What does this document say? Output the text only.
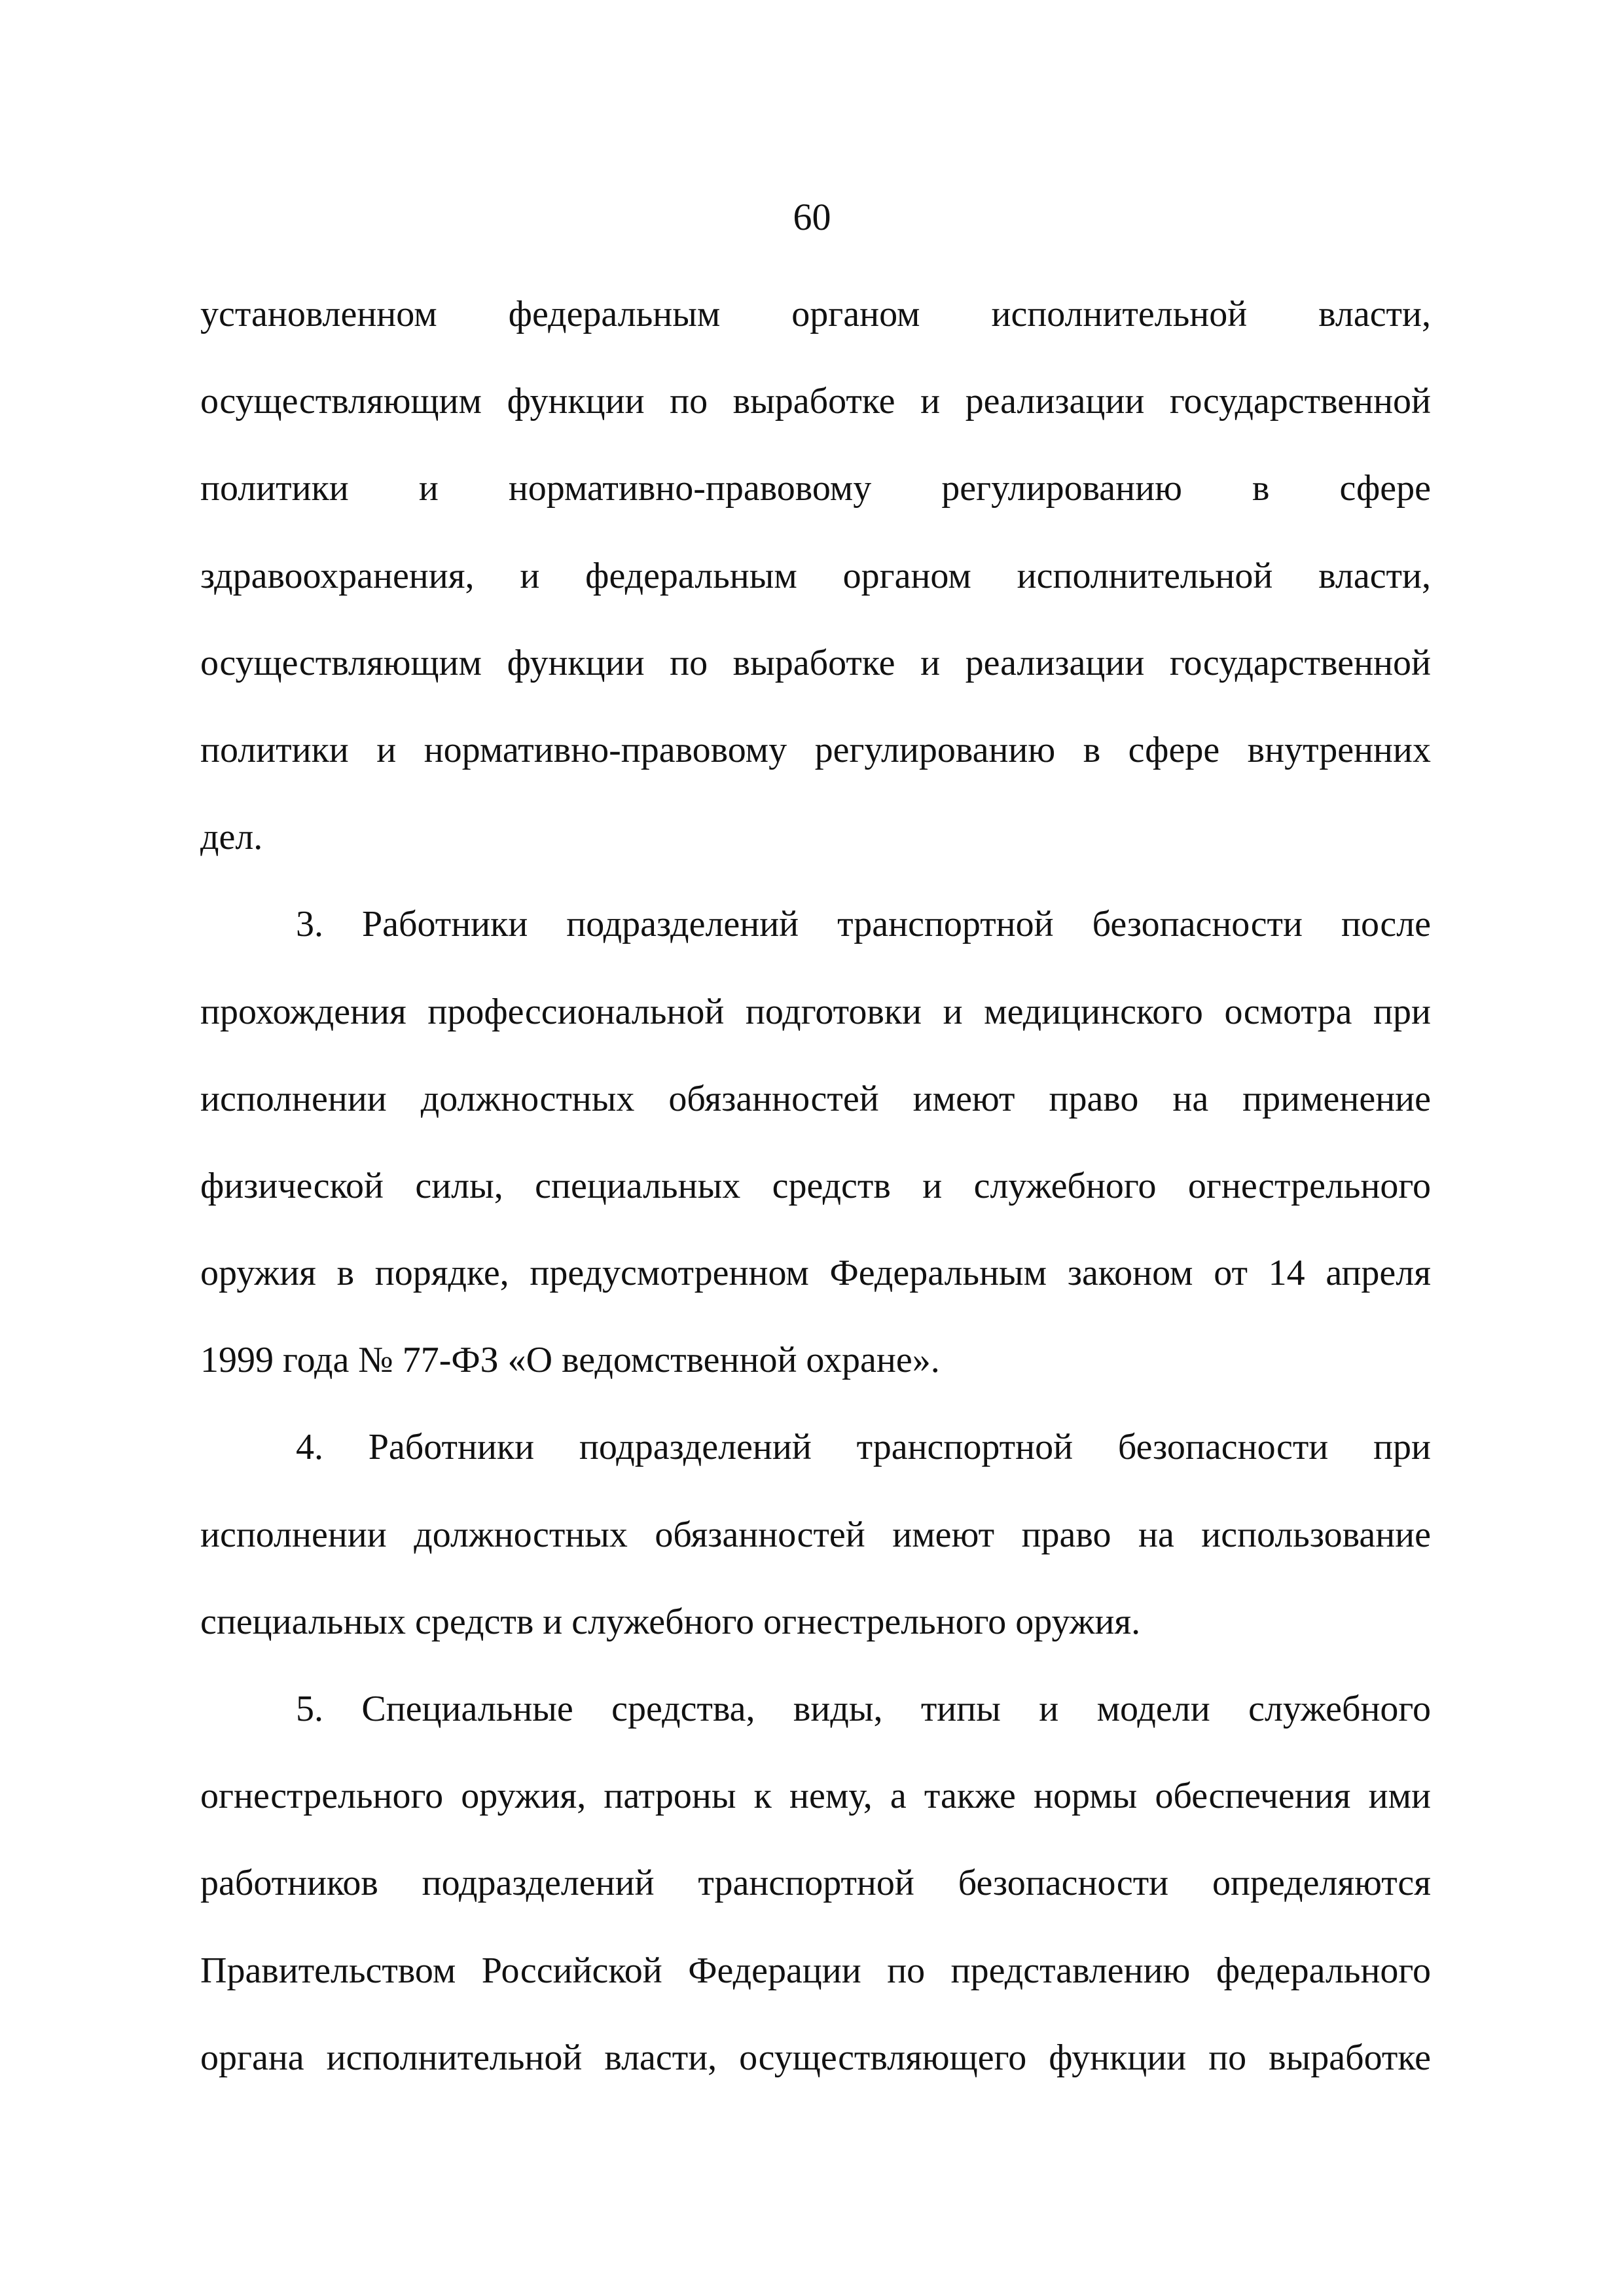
60
установленном федеральным органом исполнительной власти,
осуществляющим функции по выработке и реализации государственной
политики и нормативно-правовому регулированию в сфере
здравоохранения, и федеральным органом исполнительной власти,
осуществляющим функции по выработке и реализации государственной
политики и нормативно-правовому регулированию в сфере внутренних
дел.
3. Работники подразделений транспортной безопасности после
прохождения профессиональной подготовки и медицинского осмотра при
исполнении должностных обязанностей имеют право на применение
физической силы, специальных средств и служебного огнестрельного
оружия в порядке, предусмотренном Федеральным законом от 14 апреля
1999 года № 77-ФЗ «О ведомственной охране».
4. Работники подразделений транспортной безопасности при
исполнении должностных обязанностей имеют право на использование
специальных средств и служебного огнестрельного оружия.
5. Специальные средства, виды, типы и модели служебного
огнестрельного оружия, патроны к нему, а также нормы обеспечения ими
работников подразделений транспортной безопасности определяются
Правительством Российской Федерации по представлению федерального
органа исполнительной власти, осуществляющего функции по выработке
